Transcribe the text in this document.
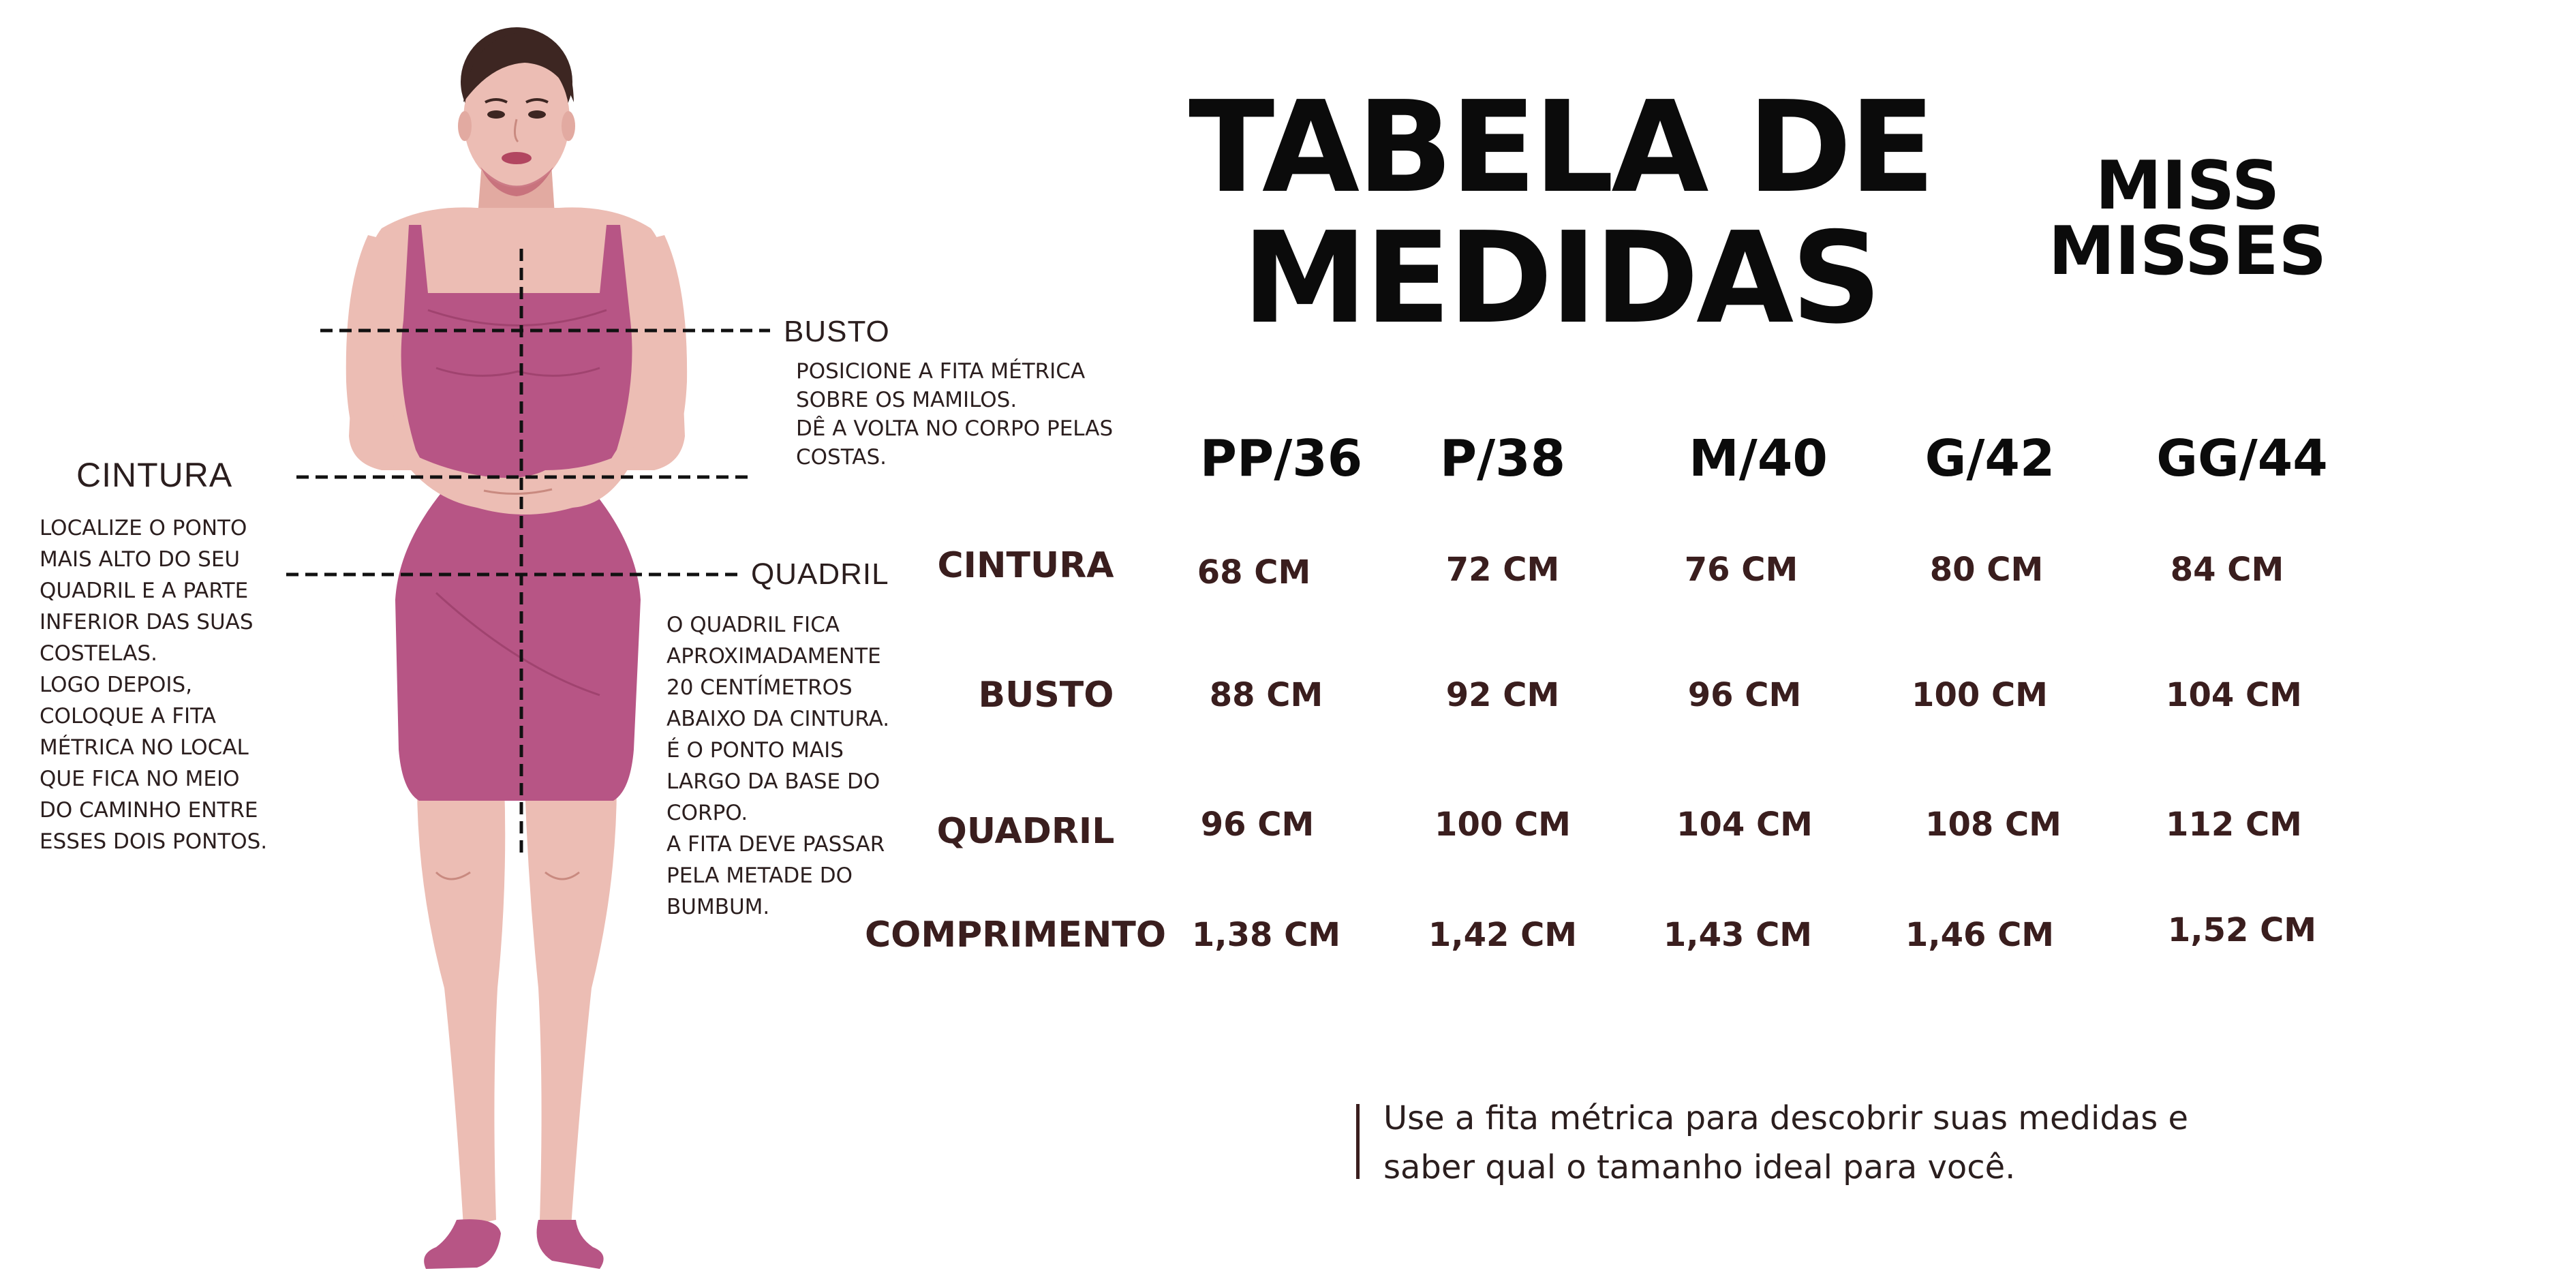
BUSTO
CINTURA
QUADRIL
POSICIONE A FITA MÉTRICA
SOBRE OS MAMILOS.
DÊ A VOLTA NO CORPO PELAS
COSTAS.
LOCALIZE O PONTO
MAIS ALTO DO SEU
QUADRIL E A PARTE
INFERIOR DAS SUAS
COSTELAS.
LOGO DEPOIS,
COLOQUE A FITA
MÉTRICA NO LOCAL
QUE FICA NO MEIO
DO CAMINHO ENTRE
ESSES DOIS PONTOS.
O QUADRIL FICA
APROXIMADAMENTE
20 CENTÍMETROS
ABAIXO DA CINTURA.
É O PONTO MAIS
LARGO DA BASE DO
CORPO.
A FITA DEVE PASSAR
PELA METADE DO
BUMBUM.
TABELA DE
MEDIDAS
MISS
MISSES
PP/36 P/38 M/40 G/42 GG/44
CINTURA	68 CM	72 CM	76 CM	80 CM	84 CM
BUSTO	88 CM	92 CM	96 CM	100 CM	104 CM
QUADRIL	96 CM	100 CM	104 CM	108 CM	112 CM
COMPRIMENTO 1,38 CM	1,42 CM	1,43 CM	1,46 CM	1,52 CM

Use a fita métrica para descobrir suas medidas e
saber qual o tamanho ideal para você.
